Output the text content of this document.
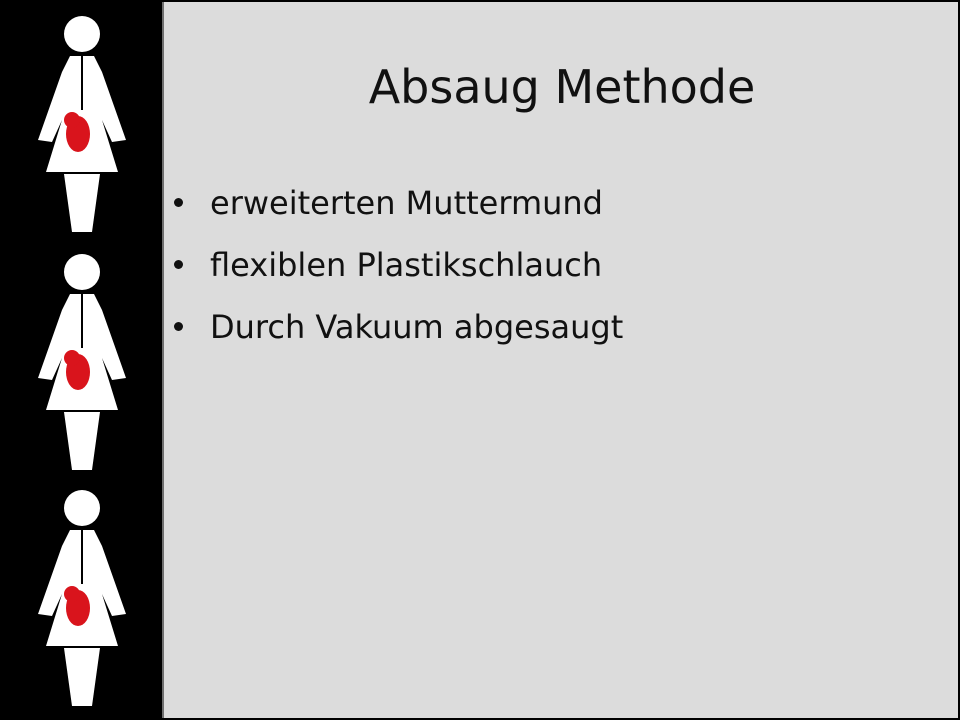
Absaug Methode
erweiterten Muttermund
flexiblen Plastikschlauch
Durch Vakuum abgesaugt
